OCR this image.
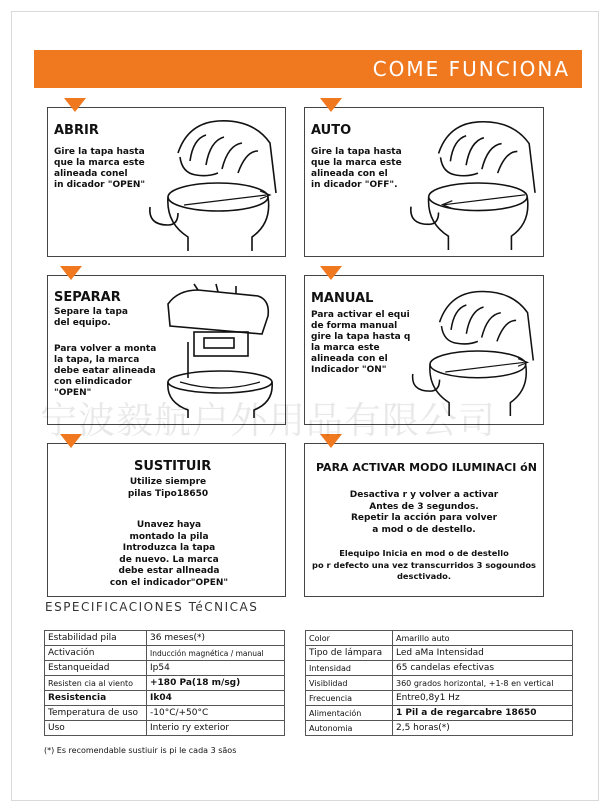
COME FUNCIONA
ABRIR
Gire la tapa hasta
que la marca este
alineada conel
in dicador "OPEN"
AUTO
Gire la tapa hasta
que la marca este
alineada con el
in dicador "OFF".
SEPARAR
Separe la tapa
del equipo.
Para volver a monta
la tapa, la marca
debe eatar alineada
con elindicador
"OPEN"
MANUAL
Para activar el equi
de forma manual
gire la tapa hasta q
la marca este
alineada con el
Indicador "ON"
SUSTITUIR
Utilize siempre
pilas Tipo18650
Unavez haya
montado la pila
Introduzca la tapa
de nuevo. La marca
debe estar allneada
con el indicador"OPEN"
PARA ACTIVAR MODO ILUMINACI óN
Desactiva r y volver a activar
Antes de 3 segundos.
Repetir la acción para volver
a mod o de destello.
Elequipo Inicia en mod o de destello
po r defecto una vez transcurridos 3 sogoundos
desctivado.
宁波毅航户外用品有限公司
ESPECIFICACIONES TéCNICAS
Estabilidad pila	36 meses(*)
Activación	Inducción magnética / manual
Estanqueidad	Ip54
Resisten cia al viento	+180 Pa(18 m/sg)
Resistencia	Ik04
Temperatura de uso	-10°C/+50°C
Uso	Interio ry exterior
Color	Amarillo auto
Tipo de lámpara	Led aMa Intensidad
Intensidad	65 candelas efectivas
Visiblidad	360 grados horizontal, +1-8 en vertical
Frecuencia	Entre0,8y1 Hz
Alimentación	1 Pil a de regarcabre 18650
Autonomia	2,5 horas(*)
(*) Es recomendable sustiuir is pi le cada 3 sãos
